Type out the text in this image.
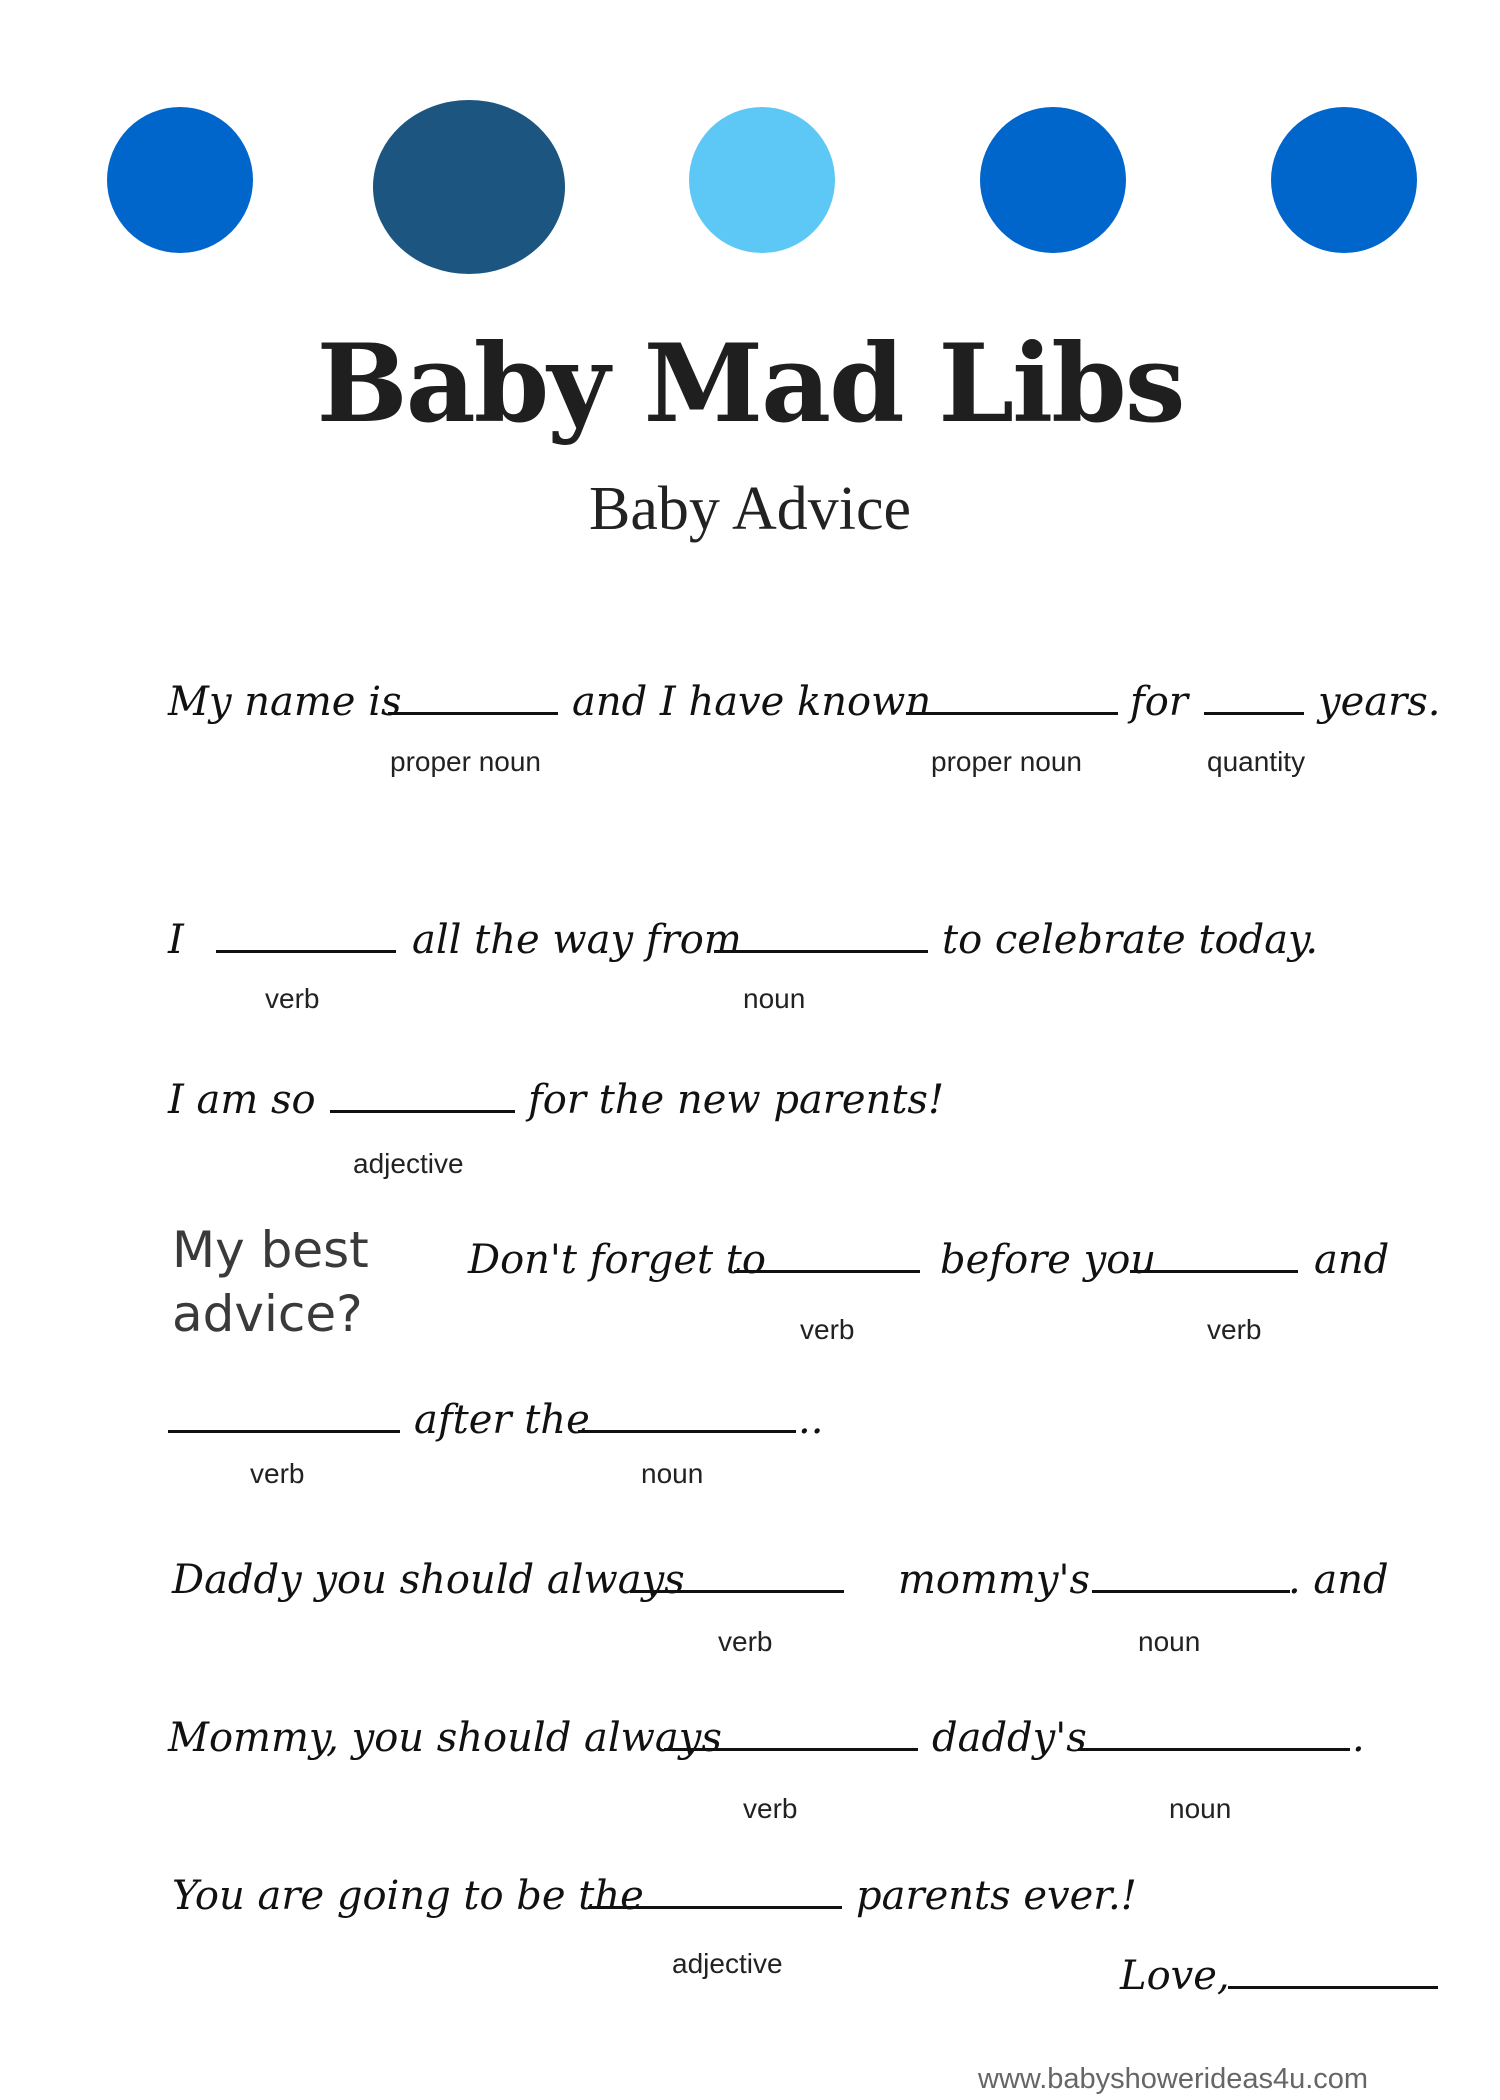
Baby Mad Libs
Baby Advice
My name is	and I have known	for	years.
proper noun	proper noun	quantity
I	all the way from	to celebrate today.
verb	noun
I am so	for the new parents!
adjective
My best
advice?
Don't forget to	before you	and
verb	verb
after the	..
verb	noun
Daddy you should always	mommy's	. and
verb	noun
Mommy, you should always	daddy's	.
verb	noun
You are going to be the	parents ever.!
adjective	Love,
www.babyshowerideas4u.com
